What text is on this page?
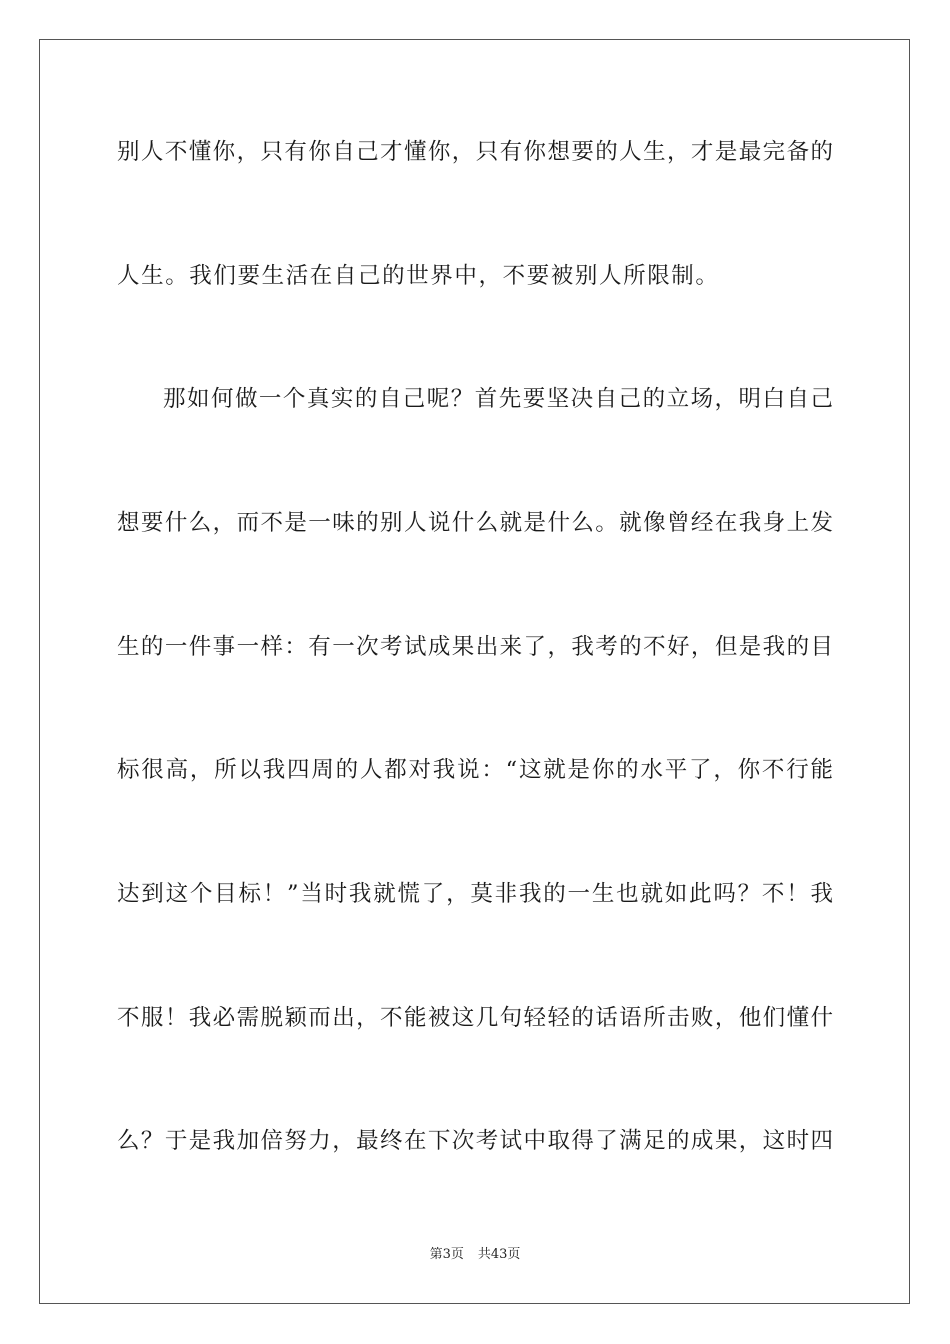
别人不懂你，只有你自己才懂你，只有你想要的人生，才是最完备的
人生。我们要生活在自己的世界中，不要被别人所限制。
那如何做一个真实的自己呢？首先要坚决自己的立场，明白自己
想要什么，而不是一味的别人说什么就是什么。就像曾经在我身上发
生的一件事一样：有一次考试成果出来了，我考的不好，但是我的目
标很高，所以我四周的人都对我说：“这就是你的水平了，你不行能
达到这个目标！”当时我就慌了，莫非我的一生也就如此吗？不！我
不服！我必需脱颖而出，不能被这几句轻轻的话语所击败，他们懂什
么？于是我加倍努力，最终在下次考试中取得了满足的成果，这时四
第3页 共43页
